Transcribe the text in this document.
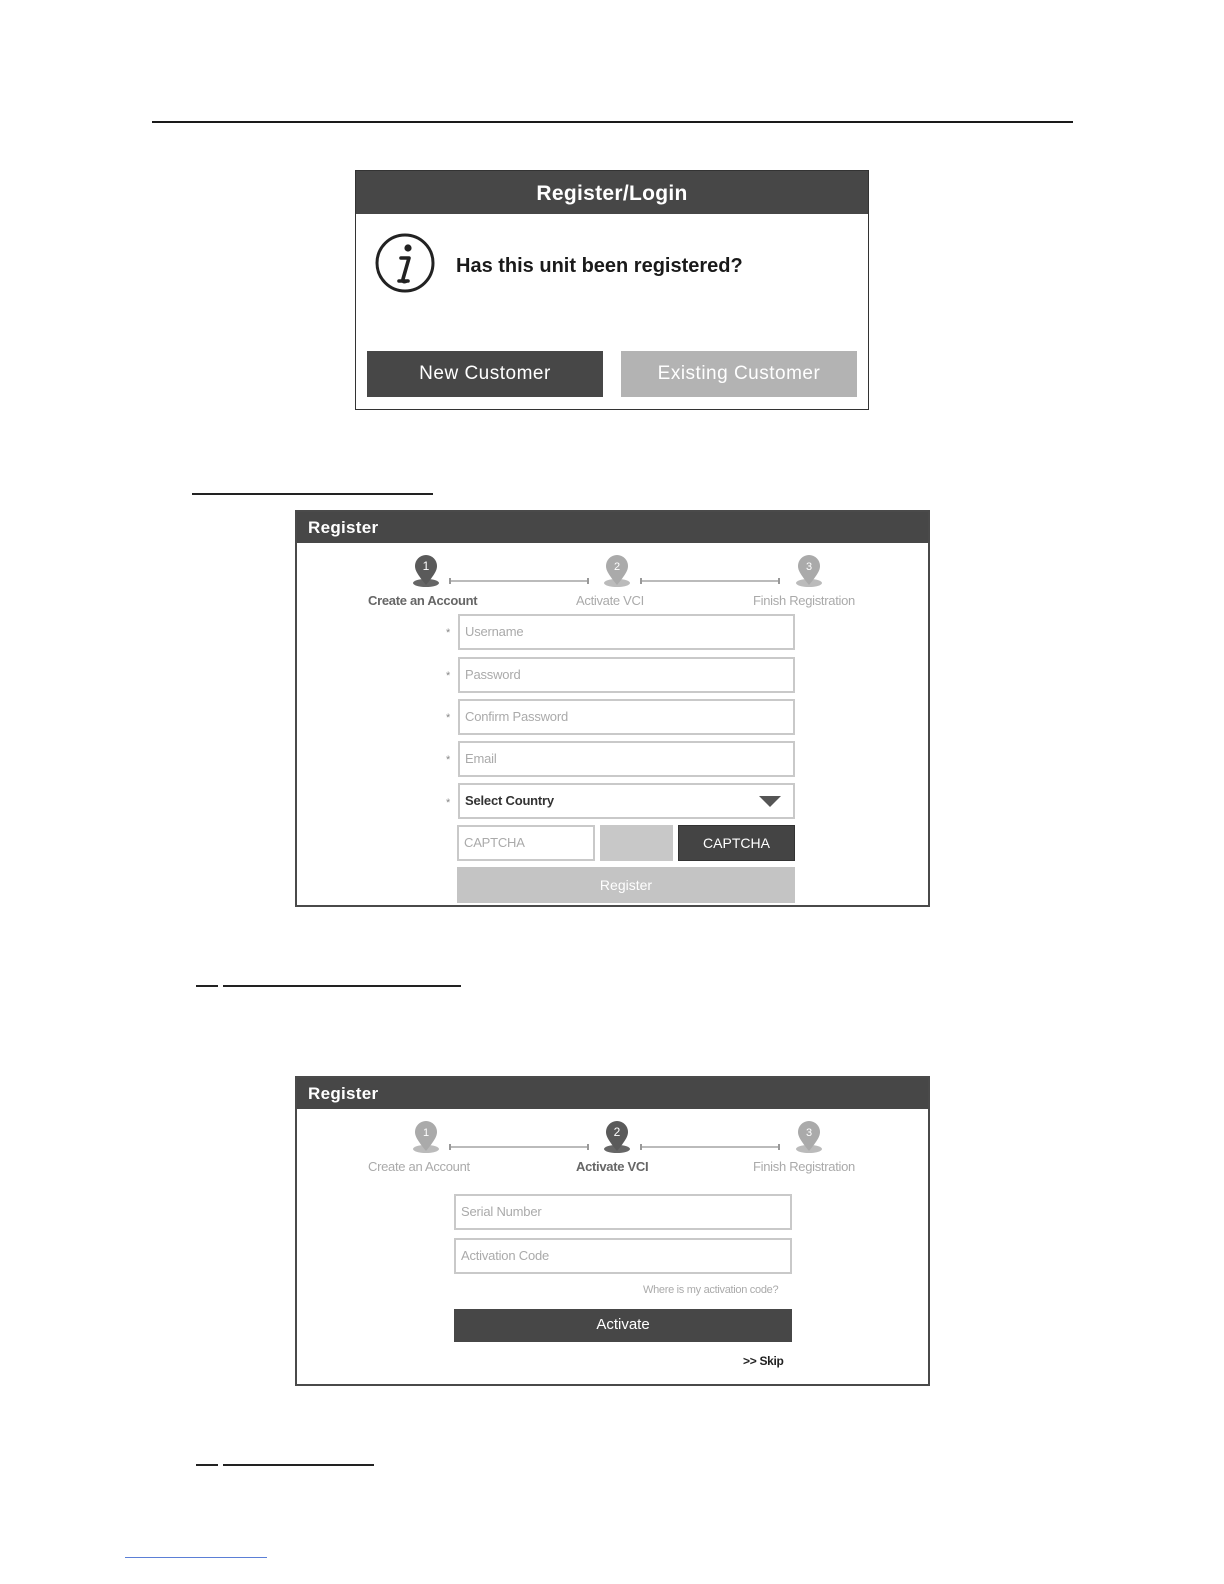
Register/Login
Has this unit been registered?
New Customer	Existing Customer
Register
1	2	3
Create an Account	Activate VCI	Finish Registration
*	Username
*	Password
*	Confirm Password
*	Email
*	Select Country
CAPTCHA	CAPTCHA
Register
Register
1	2	3
Create an Account	Activate VCI	Finish Registration
Serial Number
Activation Code
Where is my activation code?
Activate
>> Skip
